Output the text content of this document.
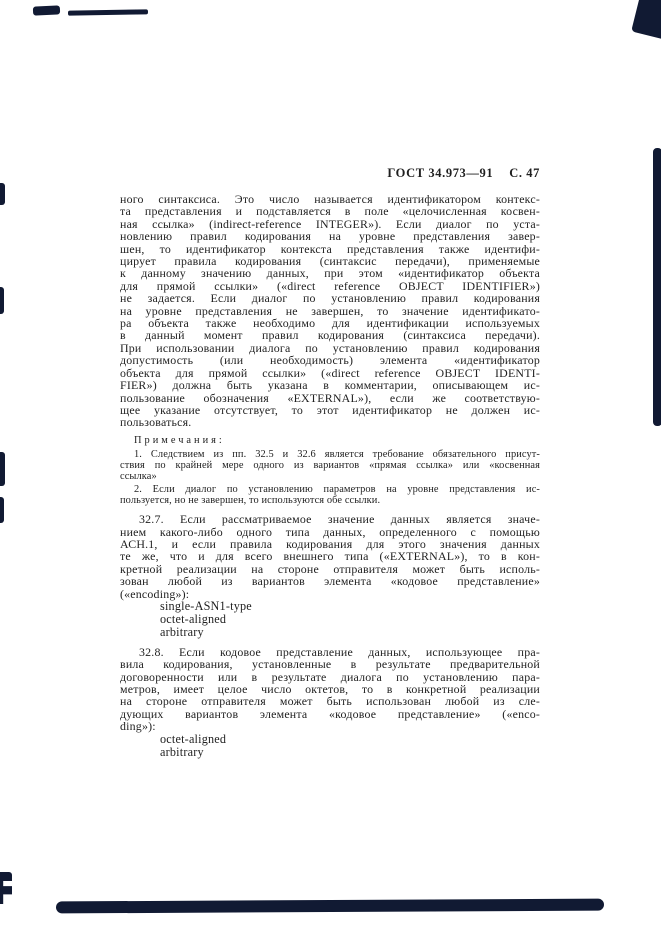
ГОСТ 34.973—91 С. 47
ного синтаксиса. Это число называется идентификатором контекс-
та представления и подставляется в поле «целочисленная косвен-
ная ссылка» (indirect-reference INTEGER»). Если диалог по уста-
новлению правил кодирования на уровне представления завер-
шен, то идентификатор контекста представления также идентифи-
цирует правила кодирования (синтаксис передачи), применяемые
к данному значению данных, при этом «идентификатор объекта
для прямой ссылки» («direct reference OBJECT IDENTIFIER»)
не задается. Если диалог по установлению правил кодирования
на уровне представления не завершен, то значение идентификато-
ра объекта также необходимо для идентификации используемых
в данный момент правил кодирования (синтаксиса передачи).
При использовании диалога по установлению правил кодирования
допустимость (или необходимость) элемента «идентификатор
объекта для прямой ссылки» («direct reference OBJECT IDENTI-
FIER») должна быть указана в комментарии, описывающем ис-
пользование обозначения «EXTERNAL»), если же соответствую-
щее указание отсутствует, то этот идентификатор не должен ис-
пользоваться.
Примечания:
1. Следствием из пп. 32.5 и 32.6 является требование обязательного присут-
ствия по крайней мере одного из вариантов «прямая ссылка» или «косвенная
ссылка»
2. Если диалог по установлению параметров на уровне представления ис-
пользуется, но не завершен, то используются обе ссылки.
32.7. Если рассматриваемое значение данных является значе-
нием какого-либо одного типа данных, определенного с помощью
АСН.1, и если правила кодирования для этого значения данных
те же, что и для всего внешнего типа («EXTERNAL»), то в кон-
кретной реализации на стороне отправителя может быть исполь-
зован любой из вариантов элемента «кодовое представление»
(«encoding»):
single-ASN1-type
octet-aligned
arbitrary
32.8. Если кодовое представление данных, использующее пра-
вила кодирования, установленные в результате предварительной
договоренности или в результате диалога по установлению пара-
метров, имеет целое число октетов, то в конкретной реализации
на стороне отправителя может быть использован любой из сле-
дующих вариантов элемента «кодовое представление» («enco-
ding»):
octet-aligned
arbitrary
